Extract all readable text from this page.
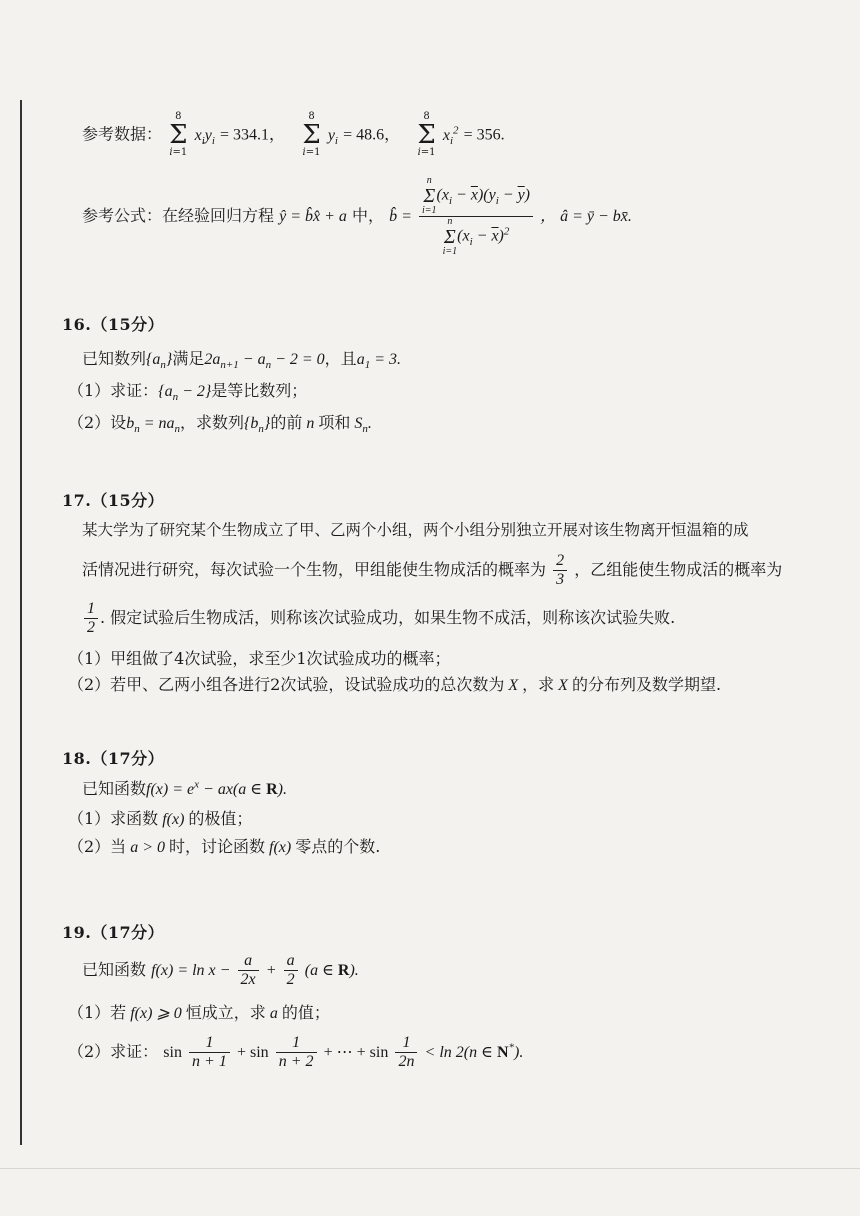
参考数据：
8
Σ
i=1
$x_iy_i = 334.1$，
8
Σ
i=1
$y_i = 48.6$，
8
Σ
i=1
$x_i^2 = 356$.
参考公式：在经验回归方程 ŷ = b̂x̂ + a 中， b̂ = n
Σ
i=1
$(x_i - \overline{x})(y_i - \overline{y})$
n
Σ
i=1
$(x_i - \overline{x})^2$ ， â = ȳ − bx̄.
16.（15分）
已知数列$\{a_n\}$满足$2a_{n+1} - a_n - 2 = 0$，且$a_1 = 3$.
（1）求证：$\{a_n - 2\}$是等比数列；
（2）设$b_n = na_n$，求数列$\{b_n\}$的前 n 项和 $S_n$.
17.（15分）
某大学为了研究某个生物成立了甲、乙两个小组，两个小组分别独立开展对该生物离开恒温箱的成
活情况进行研究，每次试验一个生物，甲组能使生物成活的概率为 $\frac{2}{3}$ ，乙组能使生物成活的概率为
$\frac{1}{2}$ . 假定试验后生物成活，则称该次试验成功，如果生物不成活，则称该次试验失败.
（1）甲组做了4次试验，求至少1次试验成功的概率；
（2）若甲、乙两小组各进行2次试验，设试验成功的总次数为 X ，求 X 的分布列及数学期望.
18.（17分）
已知函数$f(x) = e^x - ax(a$ ∈ R).
（1）求函数 f(x) 的极值；
（2）当 a > 0 时，讨论函数 f(x) 零点的个数.
19.（17分）
已知函数 $f(x) = \ln x - \frac{a}{2x} + \frac{a}{2} (a$ ∈ R).
（1）若 f(x) ⩾ 0 恒成立，求 a 的值；
（2）求证： $\sin \frac{1}{n + 1} + \sin \frac{1}{n + 2}$ + ⋯ + $\sin \frac{1}{2n} < \ln 2(n$ ∈ N*).
